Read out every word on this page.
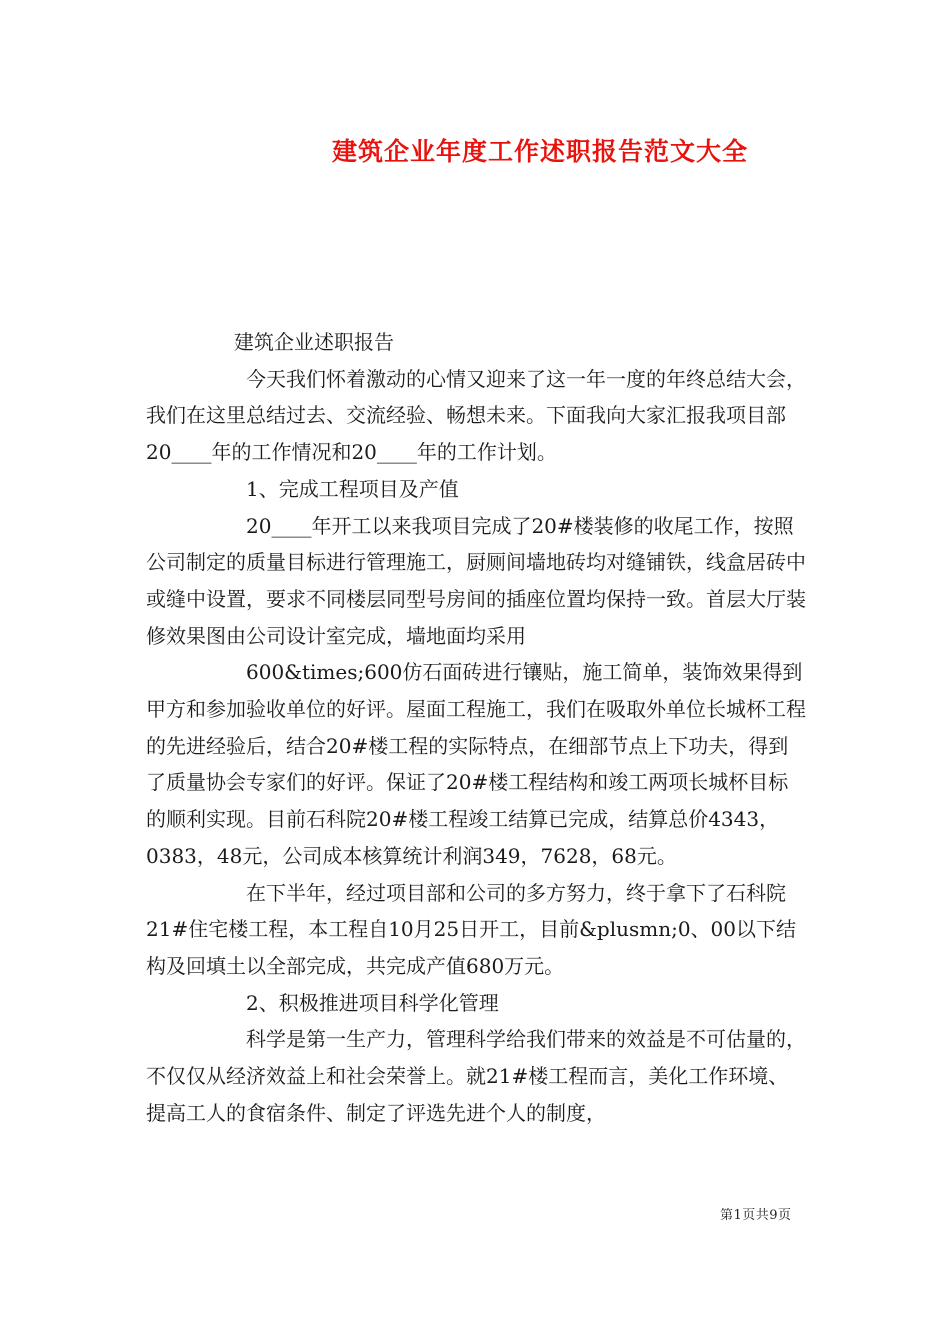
建筑企业年度工作述职报告范文大全

建筑企业述职报告

今天我们怀着激动的心情又迎来了这一年一度的年终总结大会，我们在这里总结过去、交流经验、畅想未来。下面我向大家汇报我项目部20____年的工作情况和20____年的工作计划。

1、完成工程项目及产值

20____年开工以来我项目完成了20#楼装修的收尾工作，按照公司制定的质量目标进行管理施工，厨厕间墙地砖均对缝铺铁，线盒居砖中或缝中设置，要求不同楼层同型号房间的插座位置均保持一致。首层大厅装修效果图由公司设计室完成，墙地面均采用

600&times;600仿石面砖进行镶贴，施工简单，装饰效果得到甲方和参加验收单位的好评。屋面工程施工，我们在吸取外单位长城杯工程的先进经验后，结合20#楼工程的实际特点，在细部节点上下功夫，得到了质量协会专家们的好评。保证了20#楼工程结构和竣工两项长城杯目标的顺利实现。目前石科院20#楼工程竣工结算已完成，结算总价4343，0383，48元，公司成本核算统计利润349，7628，68元。

在下半年，经过项目部和公司的多方努力，终于拿下了石科院21#住宅楼工程，本工程自10月25日开工，目前&plusmn;0、00以下结构及回填土以全部完成，共完成产值680万元。

2、积极推进项目科学化管理

科学是第一生产力，管理科学给我们带来的效益是不可估量的，不仅仅从经济效益上和社会荣誉上。就21#楼工程而言，美化工作环境、提高工人的食宿条件、制定了评选先进个人的制度，

第1页共9页
